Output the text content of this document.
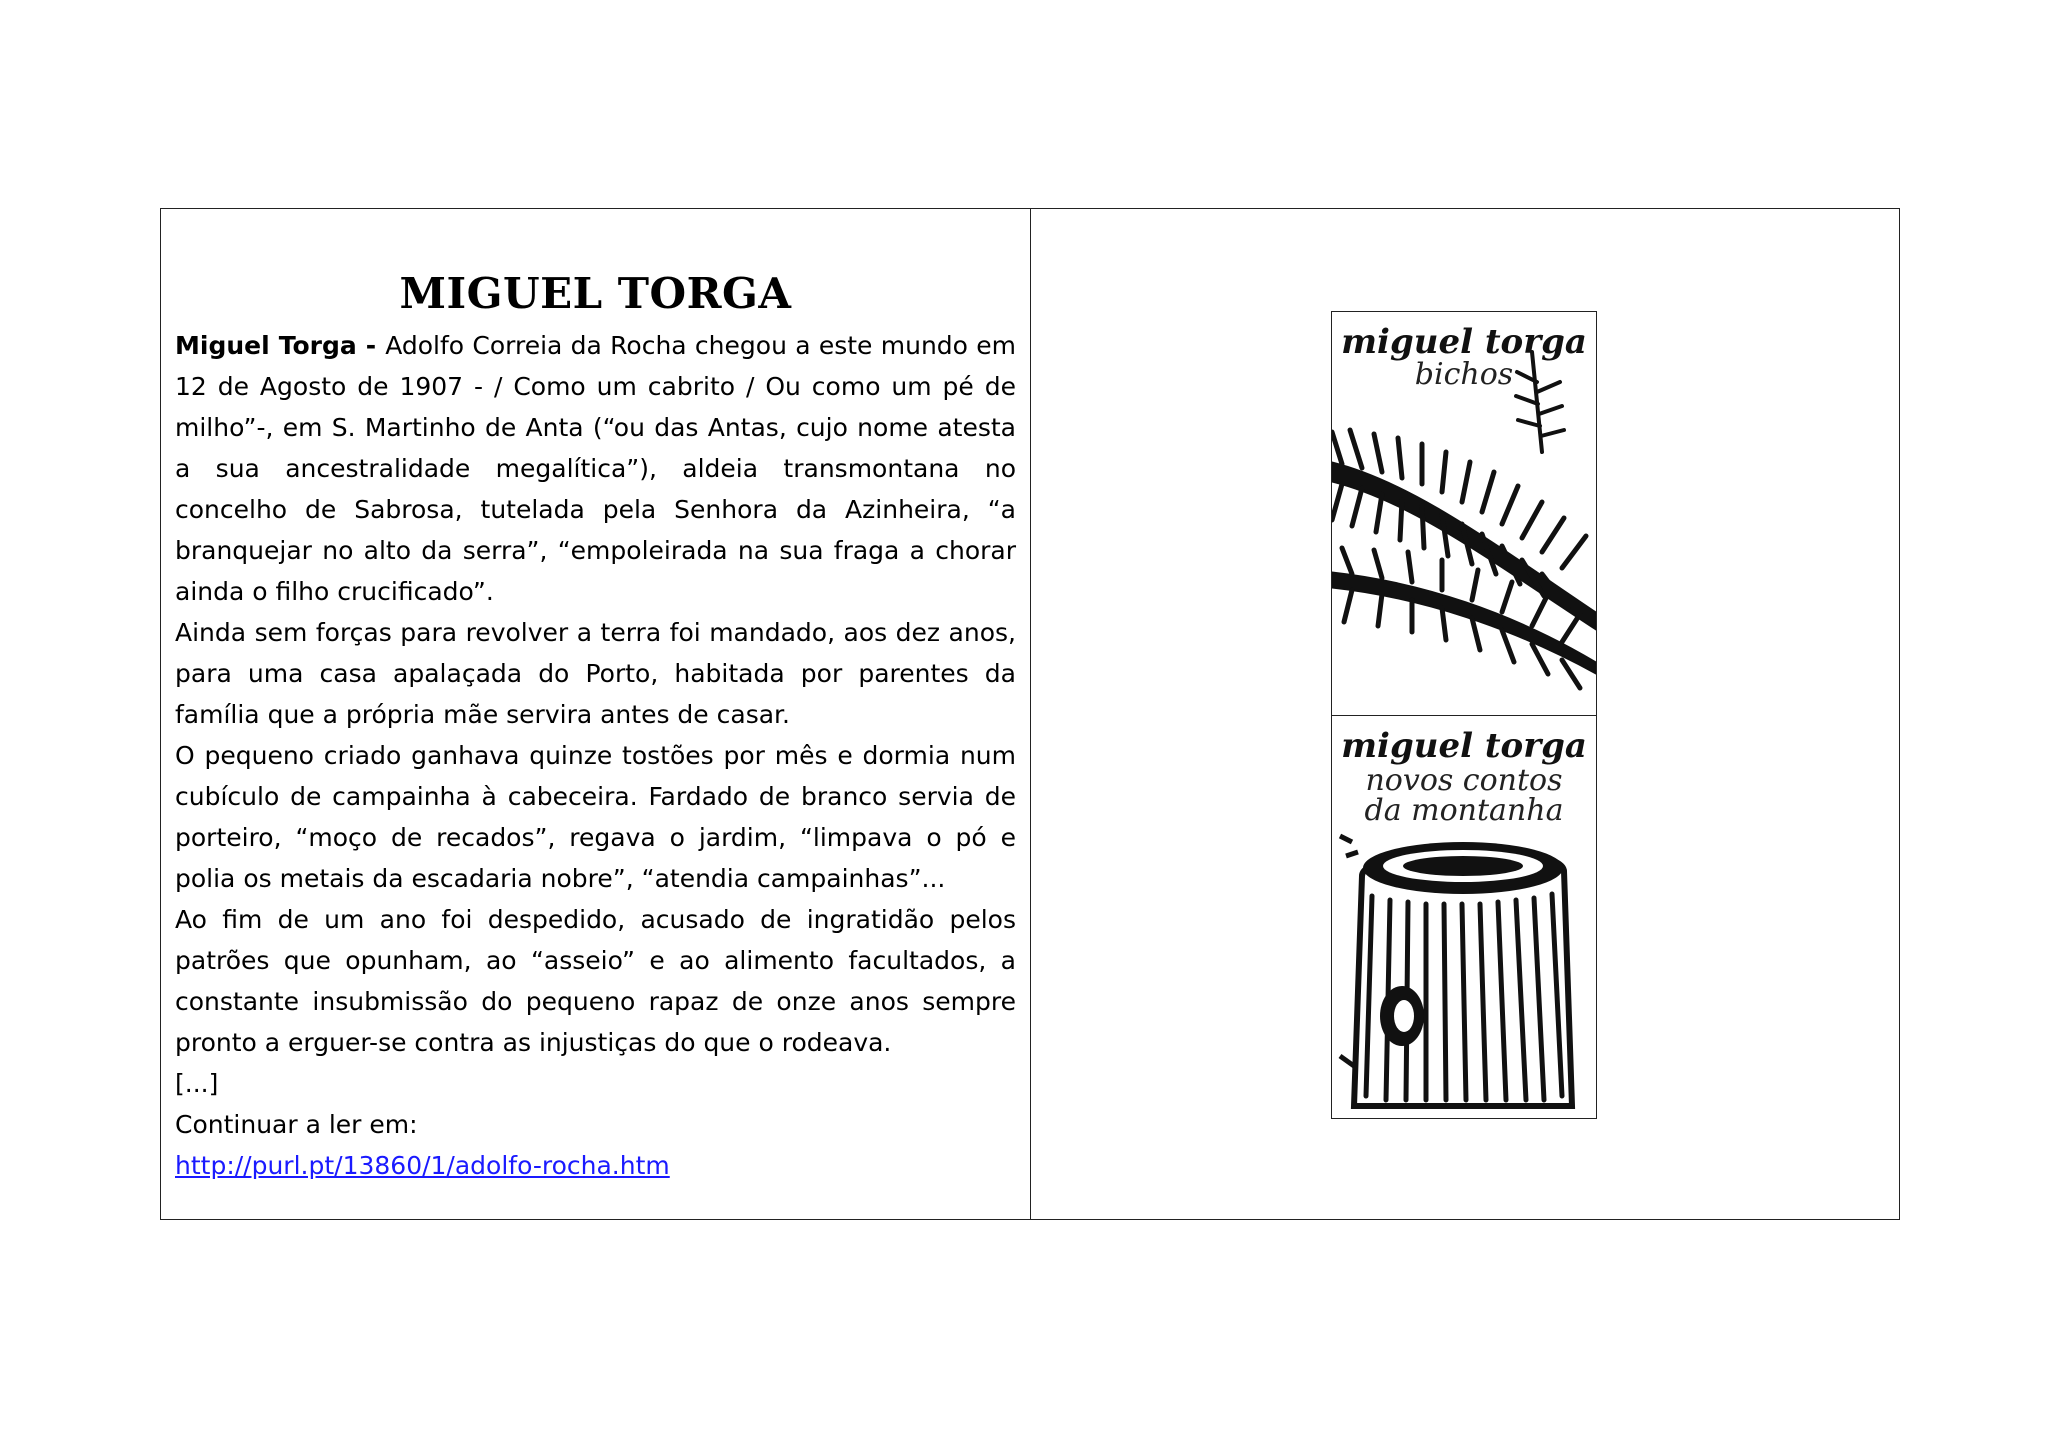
MIGUEL TORGA

Miguel Torga - Adolfo Correia da Rocha chegou a este mundo em 12 de Agosto de 1907 - / Como um cabrito / Ou como um pé de milho”-, em S. Martinho de Anta (“ou das Antas, cujo nome atesta a sua ancestralidade megalítica”), aldeia transmontana no concelho de Sabrosa, tutelada pela Senhora da Azinheira, “a branquejar no alto da serra”, “empoleirada na sua fraga a chorar ainda o filho crucificado”.

Ainda sem forças para revolver a terra foi mandado, aos dez anos, para uma casa apalaçada do Porto, habitada por parentes da família que a própria mãe servira antes de casar.

O pequeno criado ganhava quinze tostões por mês e dormia num cubículo de campainha à cabeceira. Fardado de branco servia de porteiro, “moço de recados”, regava o jardim, “limpava o pó e polia os metais da escadaria nobre”, “atendia campainhas”...

Ao fim de um ano foi despedido, acusado de ingratidão pelos patrões que opunham, ao “asseio” e ao alimento facultados, a constante insubmissão do pequeno rapaz de onze anos sempre pronto a erguer-se contra as injustiças do que o rodeava.

[...]

Continuar a ler em:

http://purl.pt/13860/1/adolfo-rocha.htm

miguel torga
bichos
miguel torga
novos contos
da montanha
